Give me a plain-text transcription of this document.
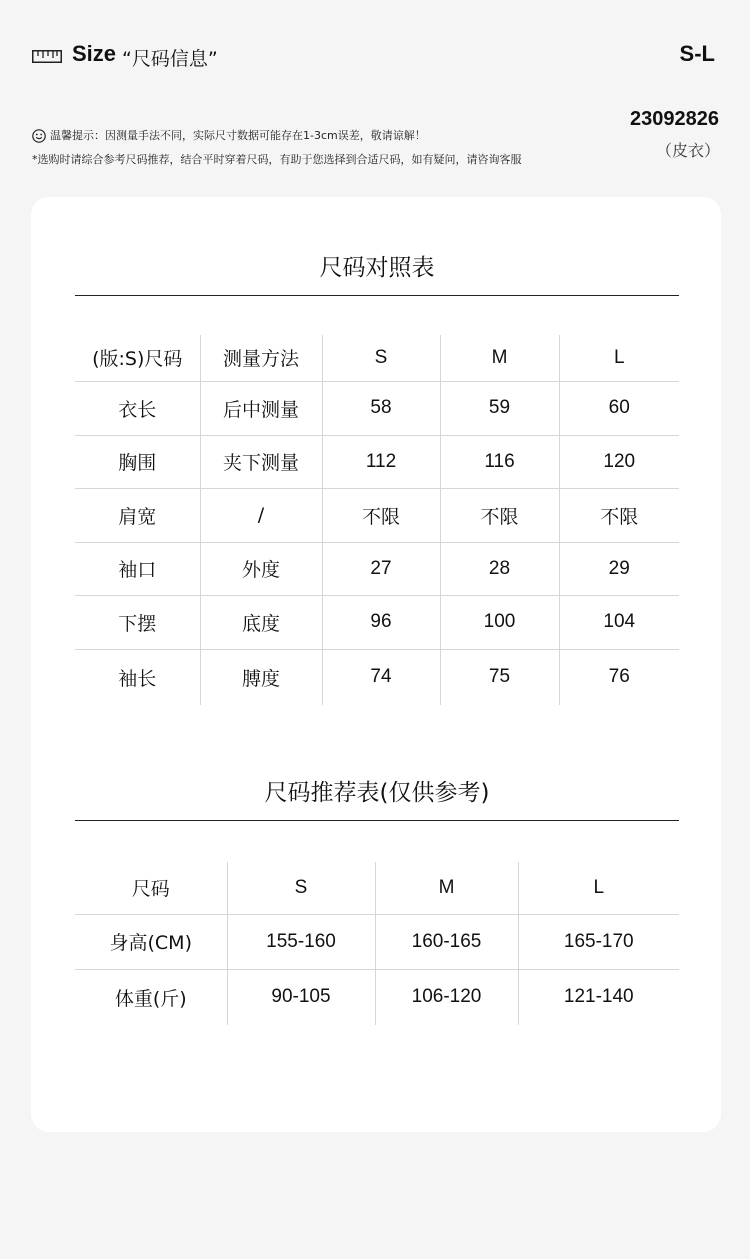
Size “尺码信息”	S-L
温馨提示：因测量手法不同，实际尺寸数据可能存在1-3cm误差，敬请谅解！
*选购时请综合参考尺码推荐，结合平时穿着尺码，有助于您选择到合适尺码，如有疑问，请咨询客服
23092826
（皮衣）
尺码对照表
(版:S)尺码	测量方法	S	M	L
衣长	后中测量	58	59	60
胸围	夹下测量	112	116	120
肩宽	/	不限	不限	不限
袖口	外度	27	28	29
下摆	底度	96	100	104
袖长	膊度	74	75	76
尺码推荐表(仅供参考)
尺码	S	M	L
身高(CM)	155-160	160-165	165-170
体重(斤)	90-105	106-120	121-140
